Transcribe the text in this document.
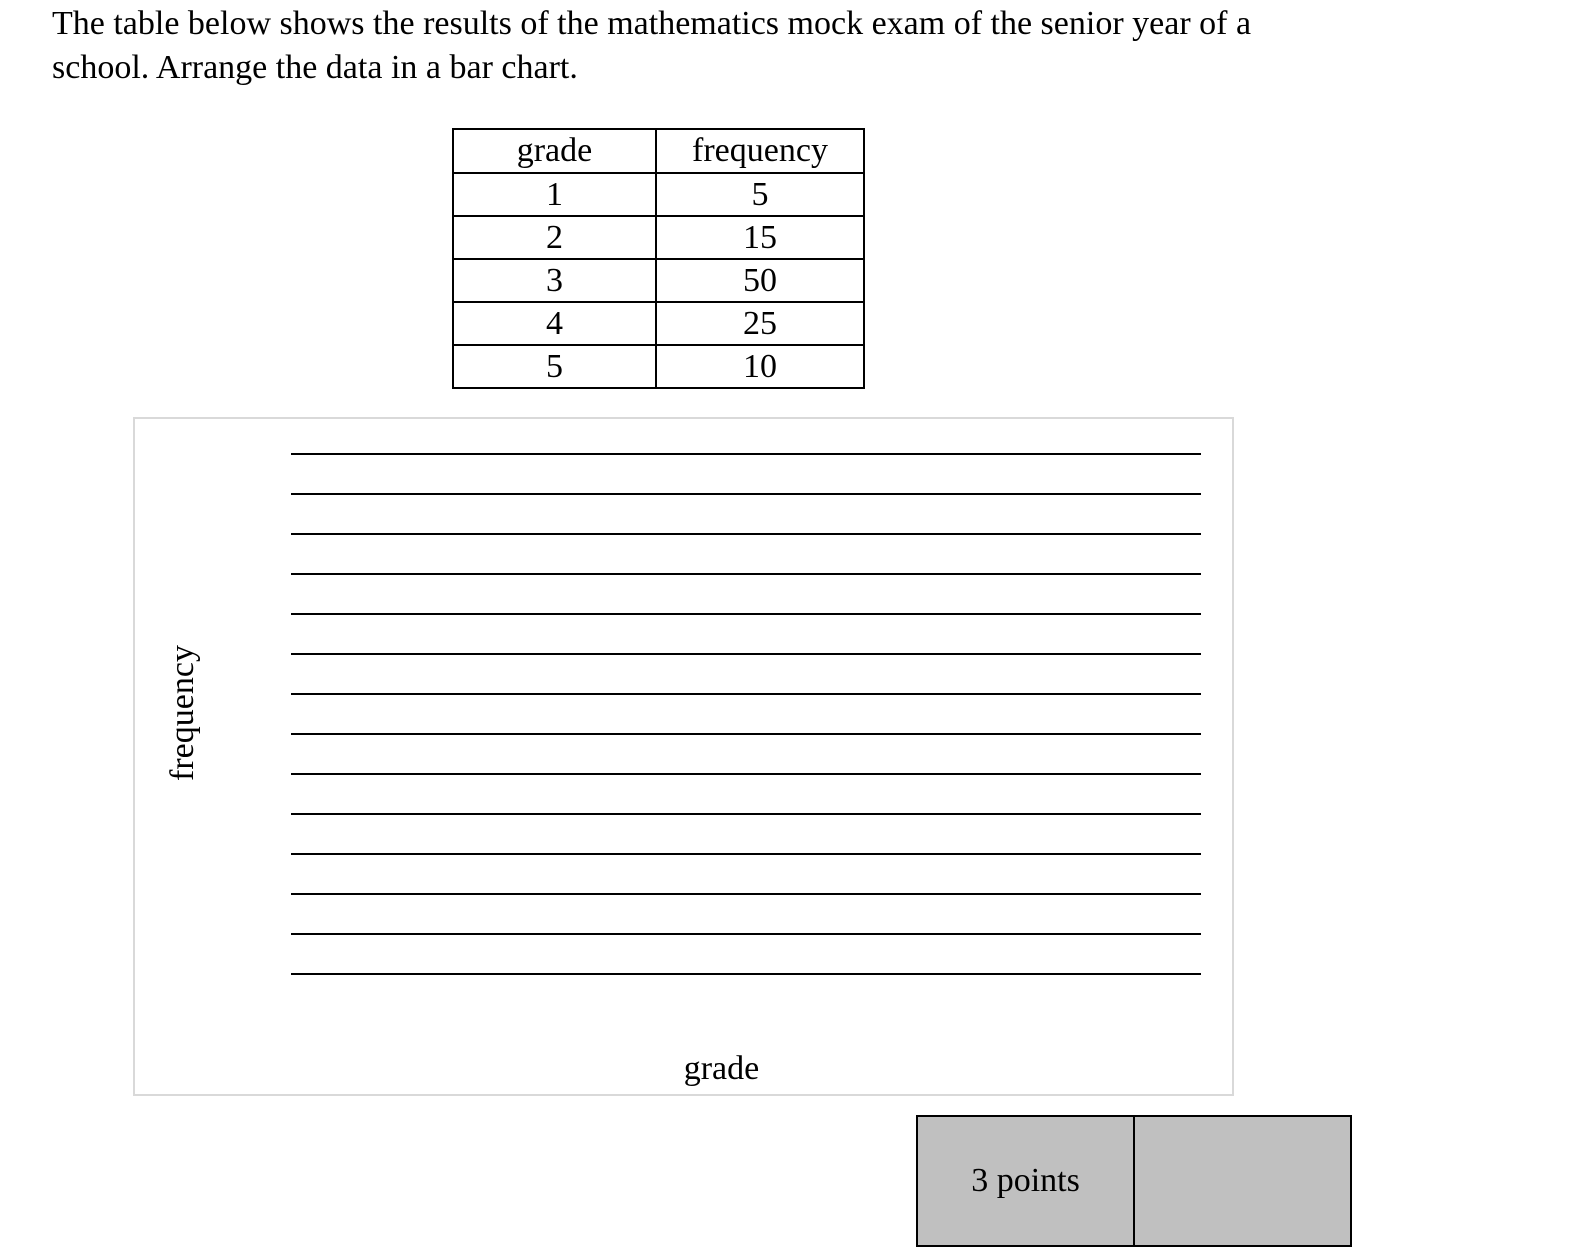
The table below shows the results of the mathematics mock exam of the senior year of a

school. Arrange the data in a bar chart.

grade	frequency
1	5
2	15
3	50
4	25
5	10
frequency
grade
3 points	
